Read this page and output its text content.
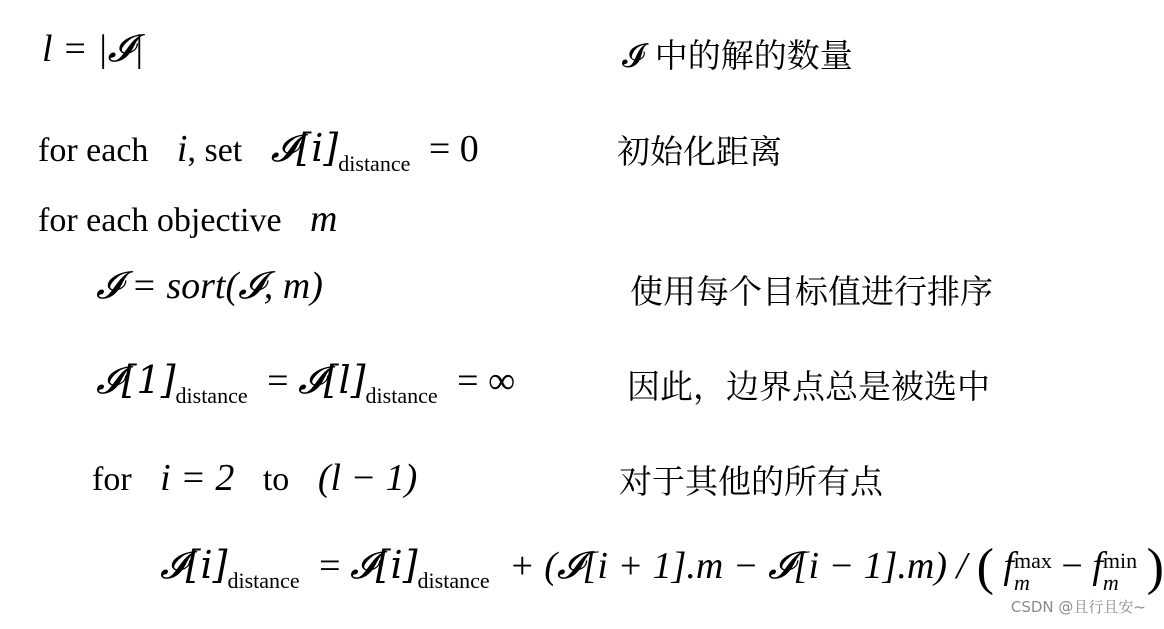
l = |𝓘|	𝓘 中的解的数量
for each i, set $𝓘[i]_{distance} = 0$	初始化距离
for each objective m
𝓘 = sort(𝓘, m)	使用每个目标值进行排序
$𝓘[1]_{distance}$ = $𝓘[l]_{distance}$ = ∞	因此，边界点总是被选中
for i = 2 to (l − 1)	对于其他的所有点
$𝓘[i]_{distance}$ = $𝓘[i]_{distance}$ + (𝓘[i + 1].m − 𝓘[i − 1].m) / ( f max
m − f min
m )
CSDN @且行且安~
